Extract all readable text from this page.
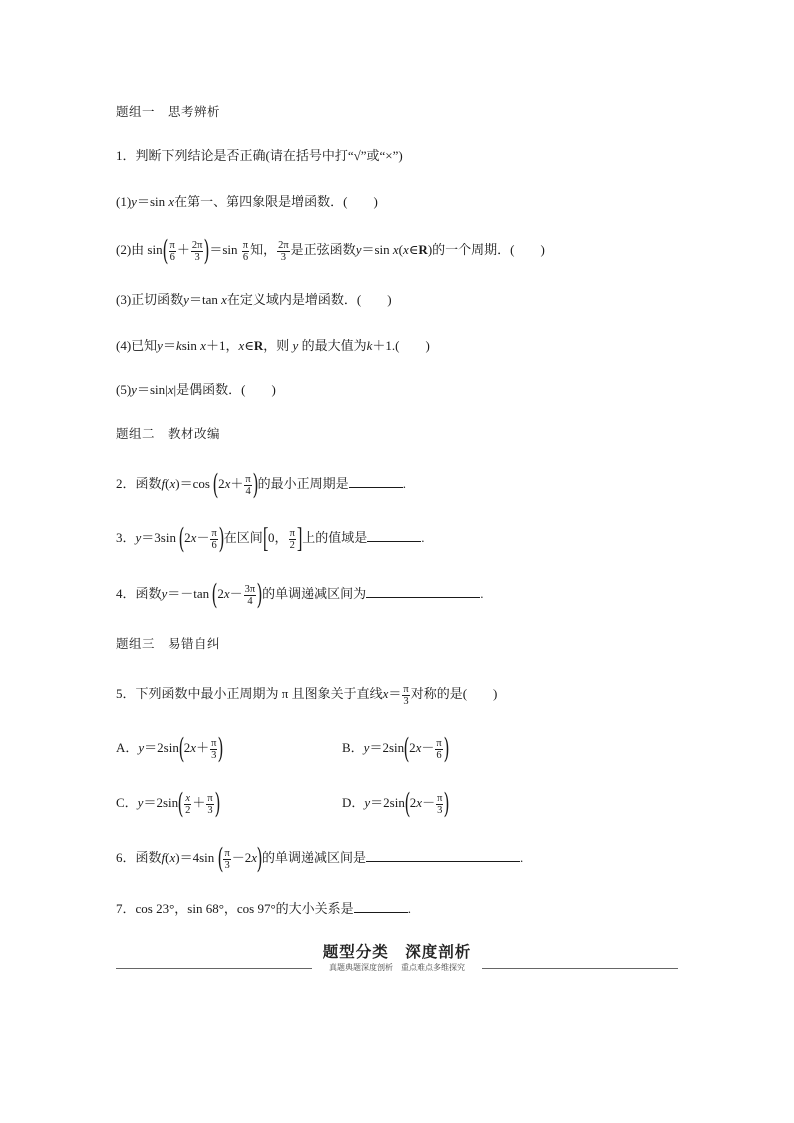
题组一　思考辨析
1．判断下列结论是否正确(请在括号中打“√”或“×”)
(1)y＝sin x在第一、第四象限是增函数．(　　)
(2)由 $\sin( \frac{\pi}{6} + \frac{2\pi}{3} )=\sin \frac{\pi}{6}$ 知， $\frac{2\pi}{3}$ 是正弦函数y＝sin x(x∈R)的一个周期．(　　)
(3)正切函数y＝tan x在定义域内是增函数．(　　)
(4)已知y＝ksin x＋1，x∈R，则 y 的最大值为k＋1.(　　)
(5)y＝sin|x|是偶函数．(　　)
题组二　教材改编
2．函数f(x)＝cos ($2x+ \frac{\pi}{4}$ )的最小正周期是	.
3．y＝3sin ($2x- \frac{\pi}{6}$ )在区间[0， $\frac{\pi}{2}$ ]上的值域是	.
4．函数y＝－tan ($2x- \frac{3\pi}{4}$ )的单调递减区间为	.
题组三　易错自纠
5．下列函数中最小正周期为 π 且图象关于直线$x= \frac{\pi}{3}$ 对称的是(　　)
A．$y=2\sin(2x+ \frac{\pi}{3}$ )	B．$y=2\sin(2x- \frac{\pi}{6}$ )
C．$y=2\sin( \frac{x}{2} + \frac{\pi}{3}$ )	D．$y=2\sin(2x- \frac{\pi}{3}$ )
6．函数f(x)＝4sin ( $\frac{\pi}{3} -2x$)的单调递减区间是	.
7．cos 23°，sin 68°，cos 97°的大小关系是	.
题型分类　深度剖析
真题典题深度剖析　重点难点多维探究
